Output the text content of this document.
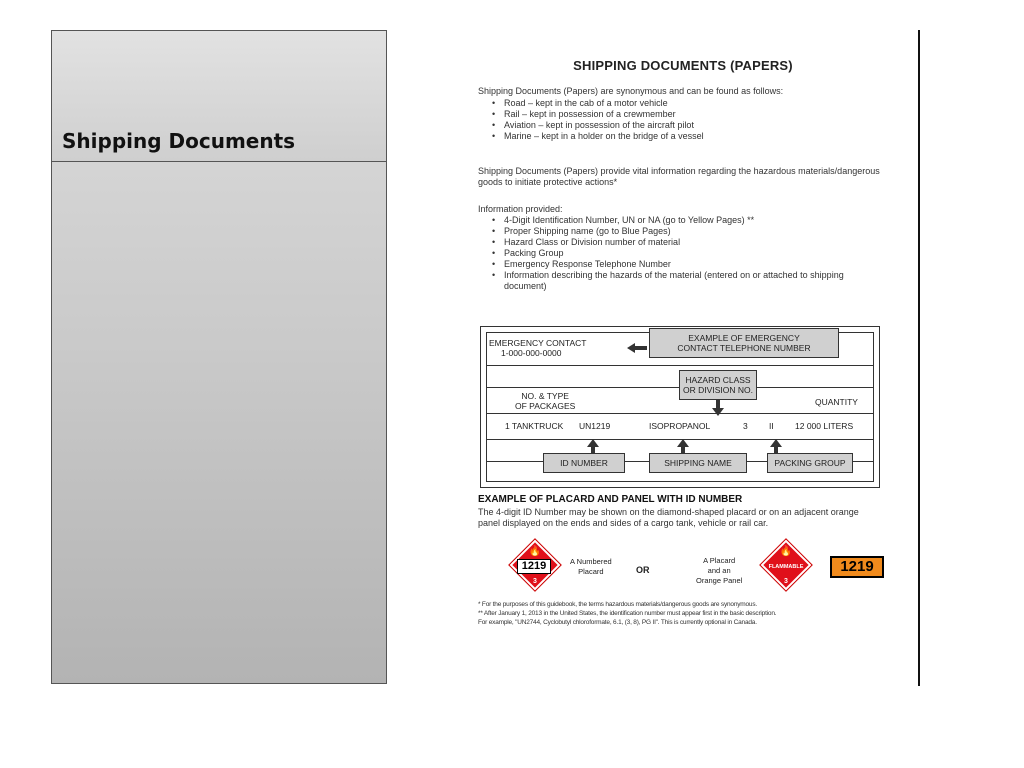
Shipping Documents
SHIPPING DOCUMENTS (PAPERS)
Shipping Documents (Papers) are synonymous and can be found as follows:
• Road – kept in the cab of a motor vehicle
• Rail – kept in possession of a crewmember
• Aviation – kept in possession of the aircraft pilot
• Marine – kept in a holder on the bridge of a vessel
Shipping Documents (Papers) provide vital information regarding the hazardous materials/dangerous goods to initiate protective actions*
Information provided:
• 4-Digit Identification Number, UN or NA (go to Yellow Pages) **
• Proper Shipping name (go to Blue Pages)
• Hazard Class or Division number of material
• Packing Group
• Emergency Response Telephone Number
• Information describing the hazards of the material (entered on or attached to shipping document)
EMERGENCY CONTACT
1-000-000-0000
EXAMPLE OF EMERGENCY
CONTACT TELEPHONE NUMBER
HAZARD CLASS
OR DIVISION NO.
NO. & TYPE
OF PACKAGES	QUANTITY
1 TANKTRUCK UN1219	ISOPROPANOL	3	II	12 000 LITERS
ID NUMBER	SHIPPING NAME	PACKING GROUP
EXAMPLE OF PLACARD AND PANEL WITH ID NUMBER
The 4-digit ID Number may be shown on the diamond-shaped placard or on an adjacent orange panel displayed on the ends and sides of a cargo tank, vehicle or rail car.
🔥
1219
3
A Numbered
Placard	OR
A Placard
and an
Orange Panel
🔥
FLAMMABLE
3
1219
* For the purposes of this guidebook, the terms hazardous materials/dangerous goods are synonymous.
** After January 1, 2013 in the United States, the identification number must appear first in the basic description.
For example, "UN2744, Cyclobutyl chloroformate, 6.1, (3, 8), PG II". This is currently optional in Canada.
